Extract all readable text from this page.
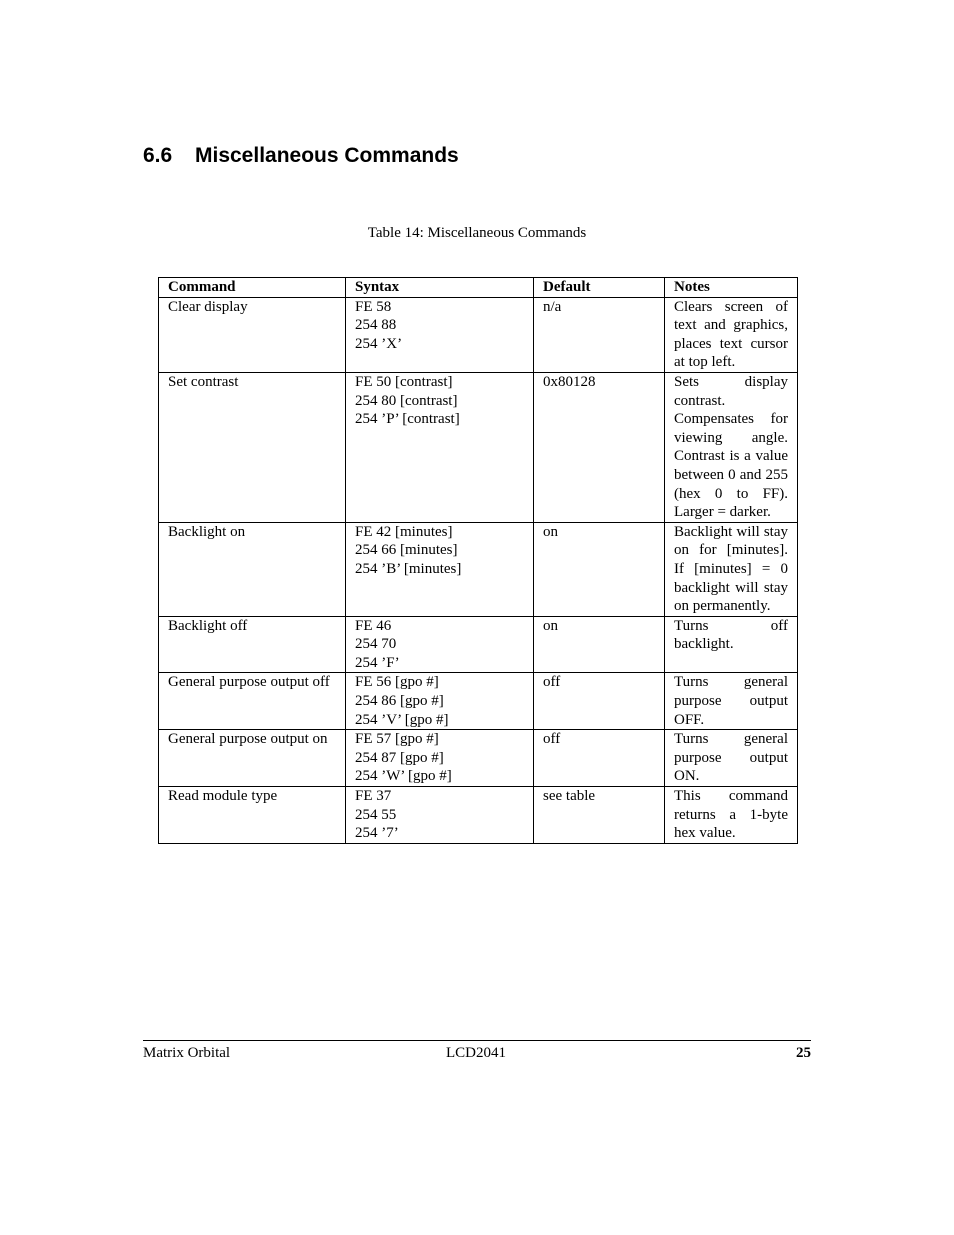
6.6 Miscellaneous Commands
Table 14: Miscellaneous Commands
Command	Syntax	Default	Notes
Clear display	FE 58
254 88
254 ’X’	n/a	Clears screen of text and graphics, places text cursor at top left.
Set contrast	FE 50 [contrast]
254 80 [contrast]
254 ’P’ [contrast]	0x80128	Sets display contrast. Compensates for viewing angle. Contrast is a value between 0 and 255 (hex 0 to FF). Larger = darker.
Backlight on	FE 42 [minutes]
254 66 [minutes]
254 ’B’ [minutes]	on	Backlight will stay on for [minutes]. If [minutes] = 0 backlight will stay on permanently.
Backlight off	FE 46
254 70
254 ’F’	on	Turns off backlight.
General purpose output off	FE 56 [gpo #]
254 86 [gpo #]
254 ’V’ [gpo #]	off	Turns general purpose output OFF.
General purpose output on	FE 57 [gpo #]
254 87 [gpo #]
254 ’W’ [gpo #]	off	Turns general purpose output ON.
Read module type	FE 37
254 55
254 ’7’	see table	This command returns a 1-byte hex value.
Matrix Orbital	LCD2041	25
